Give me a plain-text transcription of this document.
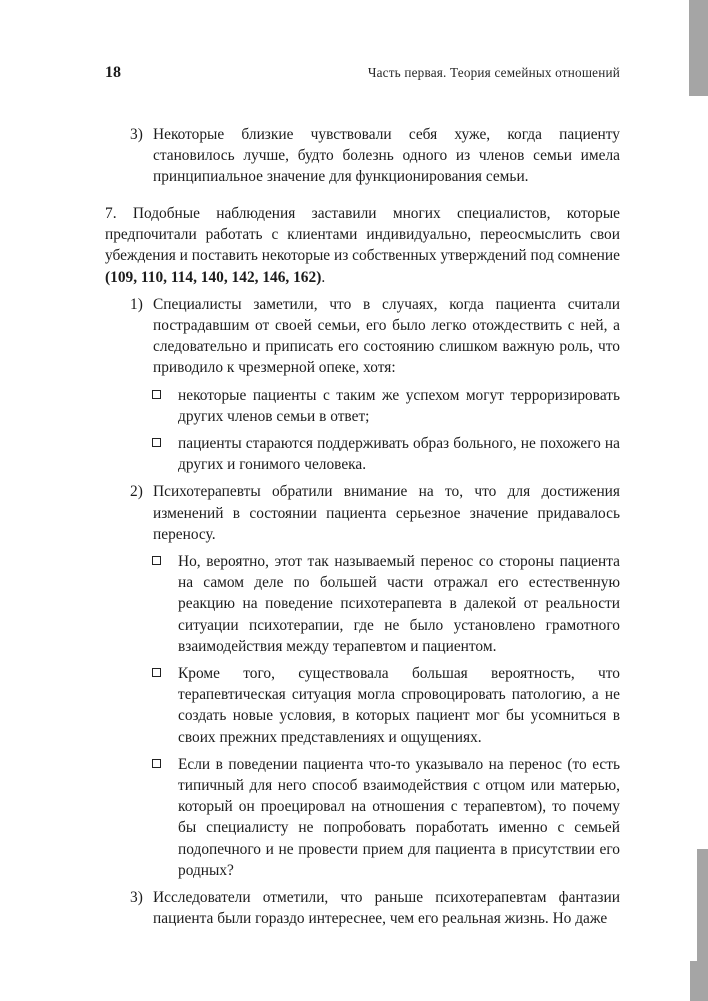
18	Часть первая. Теория семейных отношений
3) Некоторые близкие чувствовали себя хуже, когда пациенту становилось лучше, будто болезнь одного из членов семьи имела принципиальное значение для функционирования семьи.

7. Подобные наблюдения заставили многих специалистов, которые предпочитали работать с клиентами индивидуально, переосмыслить свои убеждения и поставить некоторые из собственных утверждений под сомнение (109, 110, 114, 140, 142, 146, 162).

1) Специалисты заметили, что в случаях, когда пациента считали пострадавшим от своей семьи, его было легко отождествить с ней, а следовательно и приписать его состоянию слишком важную роль, что приводило к чрезмерной опеке, хотя:
некоторые пациенты с таким же успехом могут терроризировать других членов семьи в ответ;
пациенты стараются поддерживать образ больного, не похожего на других и гонимого человека.
2) Психотерапевты обратили внимание на то, что для достижения изменений в состоянии пациента серьезное значение придавалось переносу.
Но, вероятно, этот так называемый перенос со стороны пациента на самом деле по большей части отражал его естественную реакцию на поведение психотерапевта в далекой от реальности ситуации психотерапии, где не было установлено грамотного взаимодействия между терапевтом и пациентом.
Кроме того, существовала большая вероятность, что терапевтическая ситуация могла спровоцировать патологию, а не создать новые условия, в которых пациент мог бы усомниться в своих прежних представлениях и ощущениях.
Если в поведении пациента что-то указывало на перенос (то есть типичный для него способ взаимодействия с отцом или матерью, который он проецировал на отношения с терапевтом), то почему бы специалисту не попробовать поработать именно с семьей подопечного и не провести прием для пациента в присутствии его родных?
3) Исследователи отметили, что раньше психотерапевтам фантазии пациента были гораздо интереснее, чем его реальная жизнь. Но даже
